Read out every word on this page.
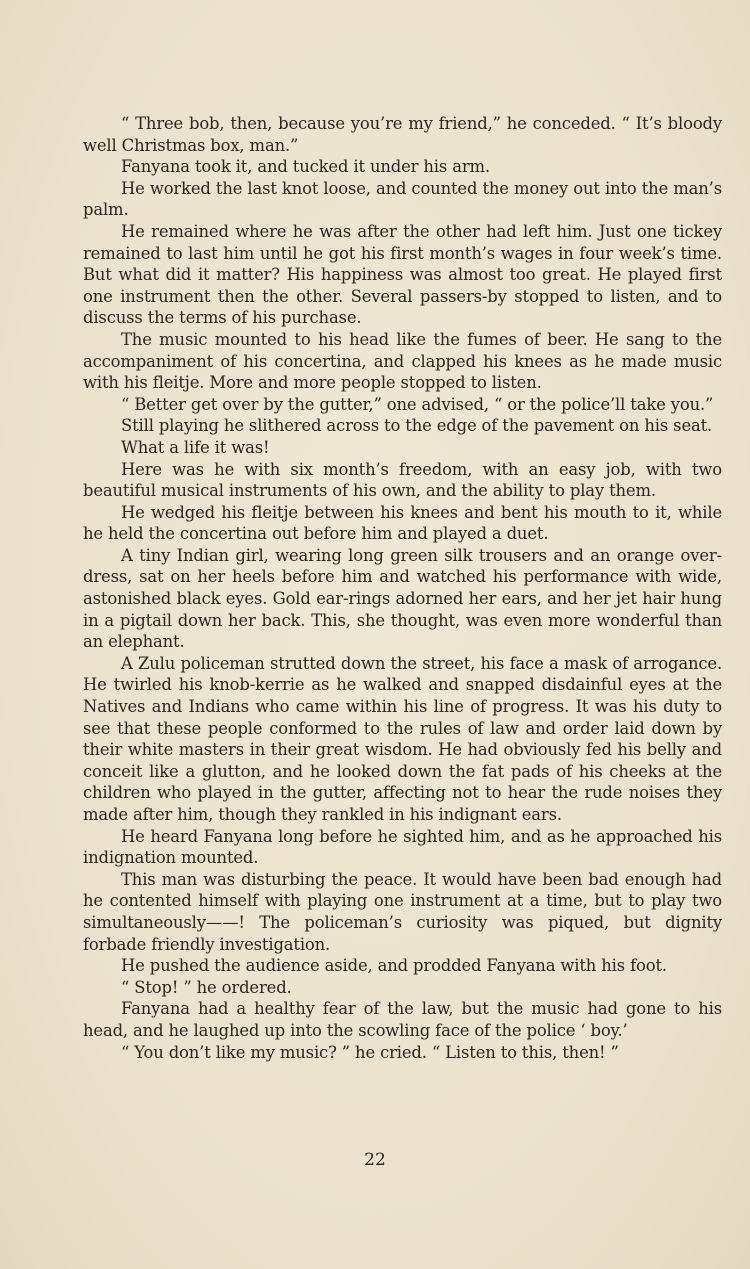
“ Three bob, then, because you’re my friend,” he conceded. “ It’s bloody well Christmas box, man.”

Fanyana took it, and tucked it under his arm.

He worked the last knot loose, and counted the money out into the man’s palm.

He remained where he was after the other had left him. Just one tickey remained to last him until he got his first month’s wages in four week’s time. But what did it matter? His happiness was almost too great. He played first one instrument then the other. Several passers-by stopped to listen, and to discuss the terms of his purchase.

The music mounted to his head like the fumes of beer. He sang to the accompaniment of his concertina, and clapped his knees as he made music with his fleitje. More and more people stopped to listen.

“ Better get over by the gutter,” one advised, “ or the police’ll take you.”

Still playing he slithered across to the edge of the pavement on his seat.

What a life it was!

Here was he with six month’s freedom, with an easy job, with two beautiful musical instruments of his own, and the ability to play them.

He wedged his fleitje between his knees and bent his mouth to it, while he held the concertina out before him and played a duet.

A tiny Indian girl, wearing long green silk trousers and an orange over-dress, sat on her heels before him and watched his performance with wide, astonished black eyes. Gold ear-rings adorned her ears, and her jet hair hung in a pigtail down her back. This, she thought, was even more wonderful than an elephant.

A Zulu policeman strutted down the street, his face a mask of arrogance. He twirled his knob-kerrie as he walked and snapped disdainful eyes at the Natives and Indians who came within his line of progress. It was his duty to see that these people conformed to the rules of law and order laid down by their white masters in their great wisdom. He had obviously fed his belly and conceit like a glutton, and he looked down the fat pads of his cheeks at the children who played in the gutter, affecting not to hear the rude noises they made after him, though they rankled in his indignant ears.

He heard Fanyana long before he sighted him, and as he approached his indignation mounted.

This man was disturbing the peace. It would have been bad enough had he contented himself with playing one instrument at a time, but to play two simultaneously——! The policeman’s curiosity was piqued, but dignity forbade friendly investigation.

He pushed the audience aside, and prodded Fanyana with his foot.

“ Stop! ” he ordered.

Fanyana had a healthy fear of the law, but the music had gone to his head, and he laughed up into the scowling face of the police ‘ boy.’

“ You don’t like my music? ” he cried. “ Listen to this, then! ”

22
